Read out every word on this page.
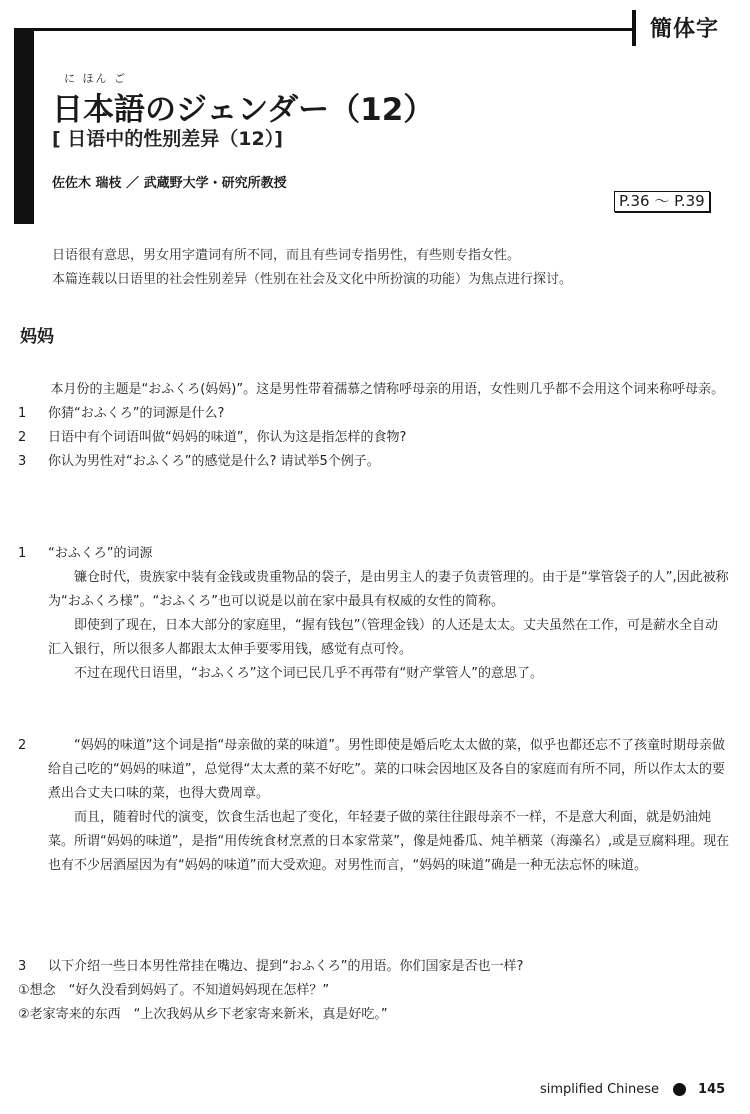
簡体字
に ほん ご
日本語のジェンダー（12）
[ 日语中的性别差异（12）]
佐佐木 瑞枝 ／ 武蔵野大学・研究所教授
P.36 ～ P.39

日语很有意思，男女用字遣词有所不同，而且有些词专指男性，有些则专指女性。

本篇连载以日语里的社会性别差异（性别在社会及文化中所扮演的功能）为焦点进行探讨。

妈妈

本月份的主题是“おふくろ(妈妈)”。这是男性带着孺慕之情称呼母亲的用语，女性则几乎都不会用这个词来称呼母亲。

1	你猜“おふくろ”的词源是什么?
2	日语中有个词语叫做“妈妈的味道”，你认为这是指怎样的食物?
3	你认为男性对“おふくろ”的感觉是什么? 请试举5个例子。
1	“おふくろ”的词源

镰仓时代，贵族家中装有金钱或贵重物品的袋子，是由男主人的妻子负责管理的。由于是“掌管袋子的人”,因此被称为“おふくろ様”。“おふくろ”也可以说是以前在家中最具有权威的女性的简称。

即使到了现在，日本大部分的家庭里，“握有钱包”（管理金钱）的人还是太太。丈夫虽然在工作，可是薪水全自动汇入银行，所以很多人都跟太太伸手要零用钱，感觉有点可怜。

不过在现代日语里，“おふくろ”这个词已民几乎不再带有“财产掌管人”的意思了。

2	“妈妈的味道”这个词是指“母亲做的菜的味道”。男性即使是婚后吃太太做的菜，似乎也都还忘不了孩童时期母亲做给自己吃的“妈妈的味道”，总觉得“太太煮的菜不好吃”。菜的口味会因地区及各自的家庭而有所不同，所以作太太的要煮出合丈夫口味的菜，也得大费周章。

而且，随着时代的演变，饮食生活也起了变化，年轻妻子做的菜往往跟母亲不一样，不是意大利面，就是奶油炖菜。所谓“妈妈的味道”，是指“用传统食材烹煮的日本家常菜”，像是炖番瓜、炖羊栖菜（海藻名）,或是豆腐料理。现在也有不少居酒屋因为有“妈妈的味道”而大受欢迎。对男性而言，“妈妈的味道”确是一种无法忘怀的味道。

3	以下介绍一些日本男性常挂在嘴边、提到“おふくろ”的用语。你们国家是否也一样?

①想念　“好久没看到妈妈了。不知道妈妈现在怎样？”

②老家寄来的东西　“上次我妈从乡下老家寄来新米，真是好吃。”

simplified Chinese	145
